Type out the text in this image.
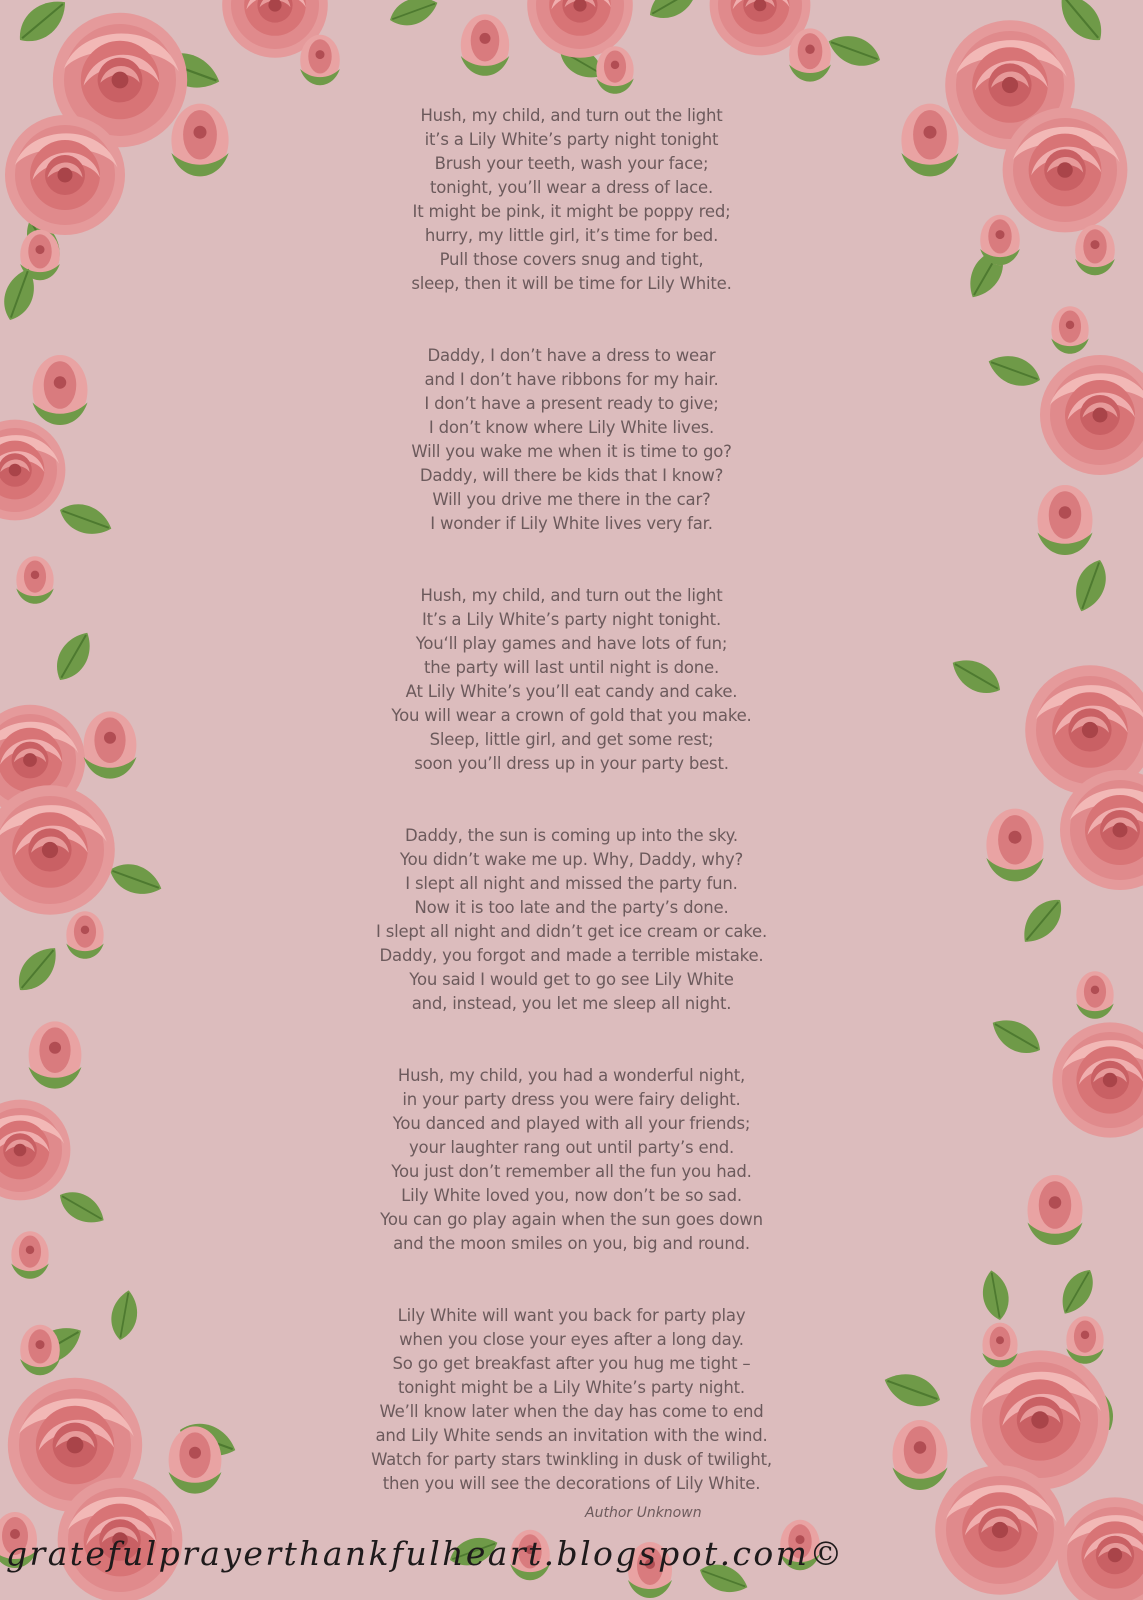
Hush, my child, and turn out the light
it’s a Lily White’s party night tonight
Brush your teeth, wash your face;
tonight, you’ll wear a dress of lace.
It might be pink, it might be poppy red;
hurry, my little girl, it’s time for bed.
Pull those covers snug and tight,
sleep, then it will be time for Lily White.
Daddy, I don’t have a dress to wear
and I don’t have ribbons for my hair.
I don’t have a present ready to give;
I don’t know where Lily White lives.
Will you wake me when it is time to go?
Daddy, will there be kids that I know?
Will you drive me there in the car?
I wonder if Lily White lives very far.
Hush, my child, and turn out the light
It’s a Lily White’s party night tonight.
You‘ll play games and have lots of fun;
the party will last until night is done.
At Lily White’s you’ll eat candy and cake.
You will wear a crown of gold that you make.
Sleep, little girl, and get some rest;
soon you’ll dress up in your party best.
Daddy, the sun is coming up into the sky.
You didn’t wake me up. Why, Daddy, why?
I slept all night and missed the party fun.
Now it is too late and the party’s done.
I slept all night and didn’t get ice cream or cake.
Daddy, you forgot and made a terrible mistake.
You said I would get to go see Lily White
and, instead, you let me sleep all night.
Hush, my child, you had a wonderful night,
in your party dress you were fairy delight.
You danced and played with all your friends;
your laughter rang out until party’s end.
You just don’t remember all the fun you had.
Lily White loved you, now don’t be so sad.
You can go play again when the sun goes down
and the moon smiles on you, big and round.
Lily White will want you back for party play
when you close your eyes after a long day.
So go get breakfast after you hug me tight –
tonight might be a Lily White’s party night.
We’ll know later when the day has come to end
and Lily White sends an invitation with the wind.
Watch for party stars twinkling in dusk of twilight,
then you will see the decorations of Lily White.
Author Unknown
gratefulprayerthankfulheart.blogspot.com©
